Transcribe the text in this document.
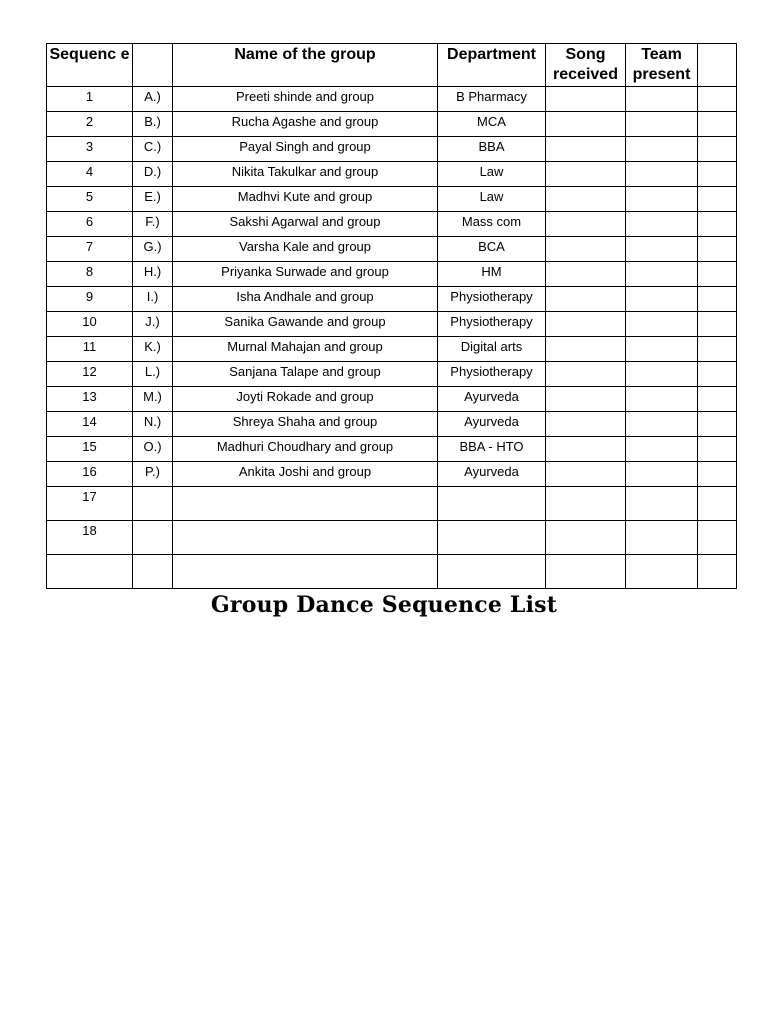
Sequenc e		Name of the group	Department	Song received	Team present	
1	A.)	Preeti shinde and group	B Pharmacy			
2	B.)	Rucha Agashe and group	MCA			
3	C.)	Payal Singh and group	BBA			
4	D.)	Nikita Takulkar and group	Law			
5	E.)	Madhvi Kute and group	Law			
6	F.)	Sakshi Agarwal and group	Mass com			
7	G.)	Varsha Kale and group	BCA			
8	H.)	Priyanka Surwade and group	HM			
9	I.)	Isha Andhale and group	Physiotherapy			
10	J.)	Sanika Gawande and group	Physiotherapy			
11	K.)	Murnal Mahajan and group	Digital arts			
12	L.)	Sanjana Talape and group	Physiotherapy			
13	M.)	Joyti Rokade and group	Ayurveda			
14	N.)	Shreya Shaha and group	Ayurveda			
15	O.)	Madhuri Choudhary and group	BBA - HTO			
16	P.)	Ankita Joshi and group	Ayurveda			
17						
18						

Group Dance Sequence List
